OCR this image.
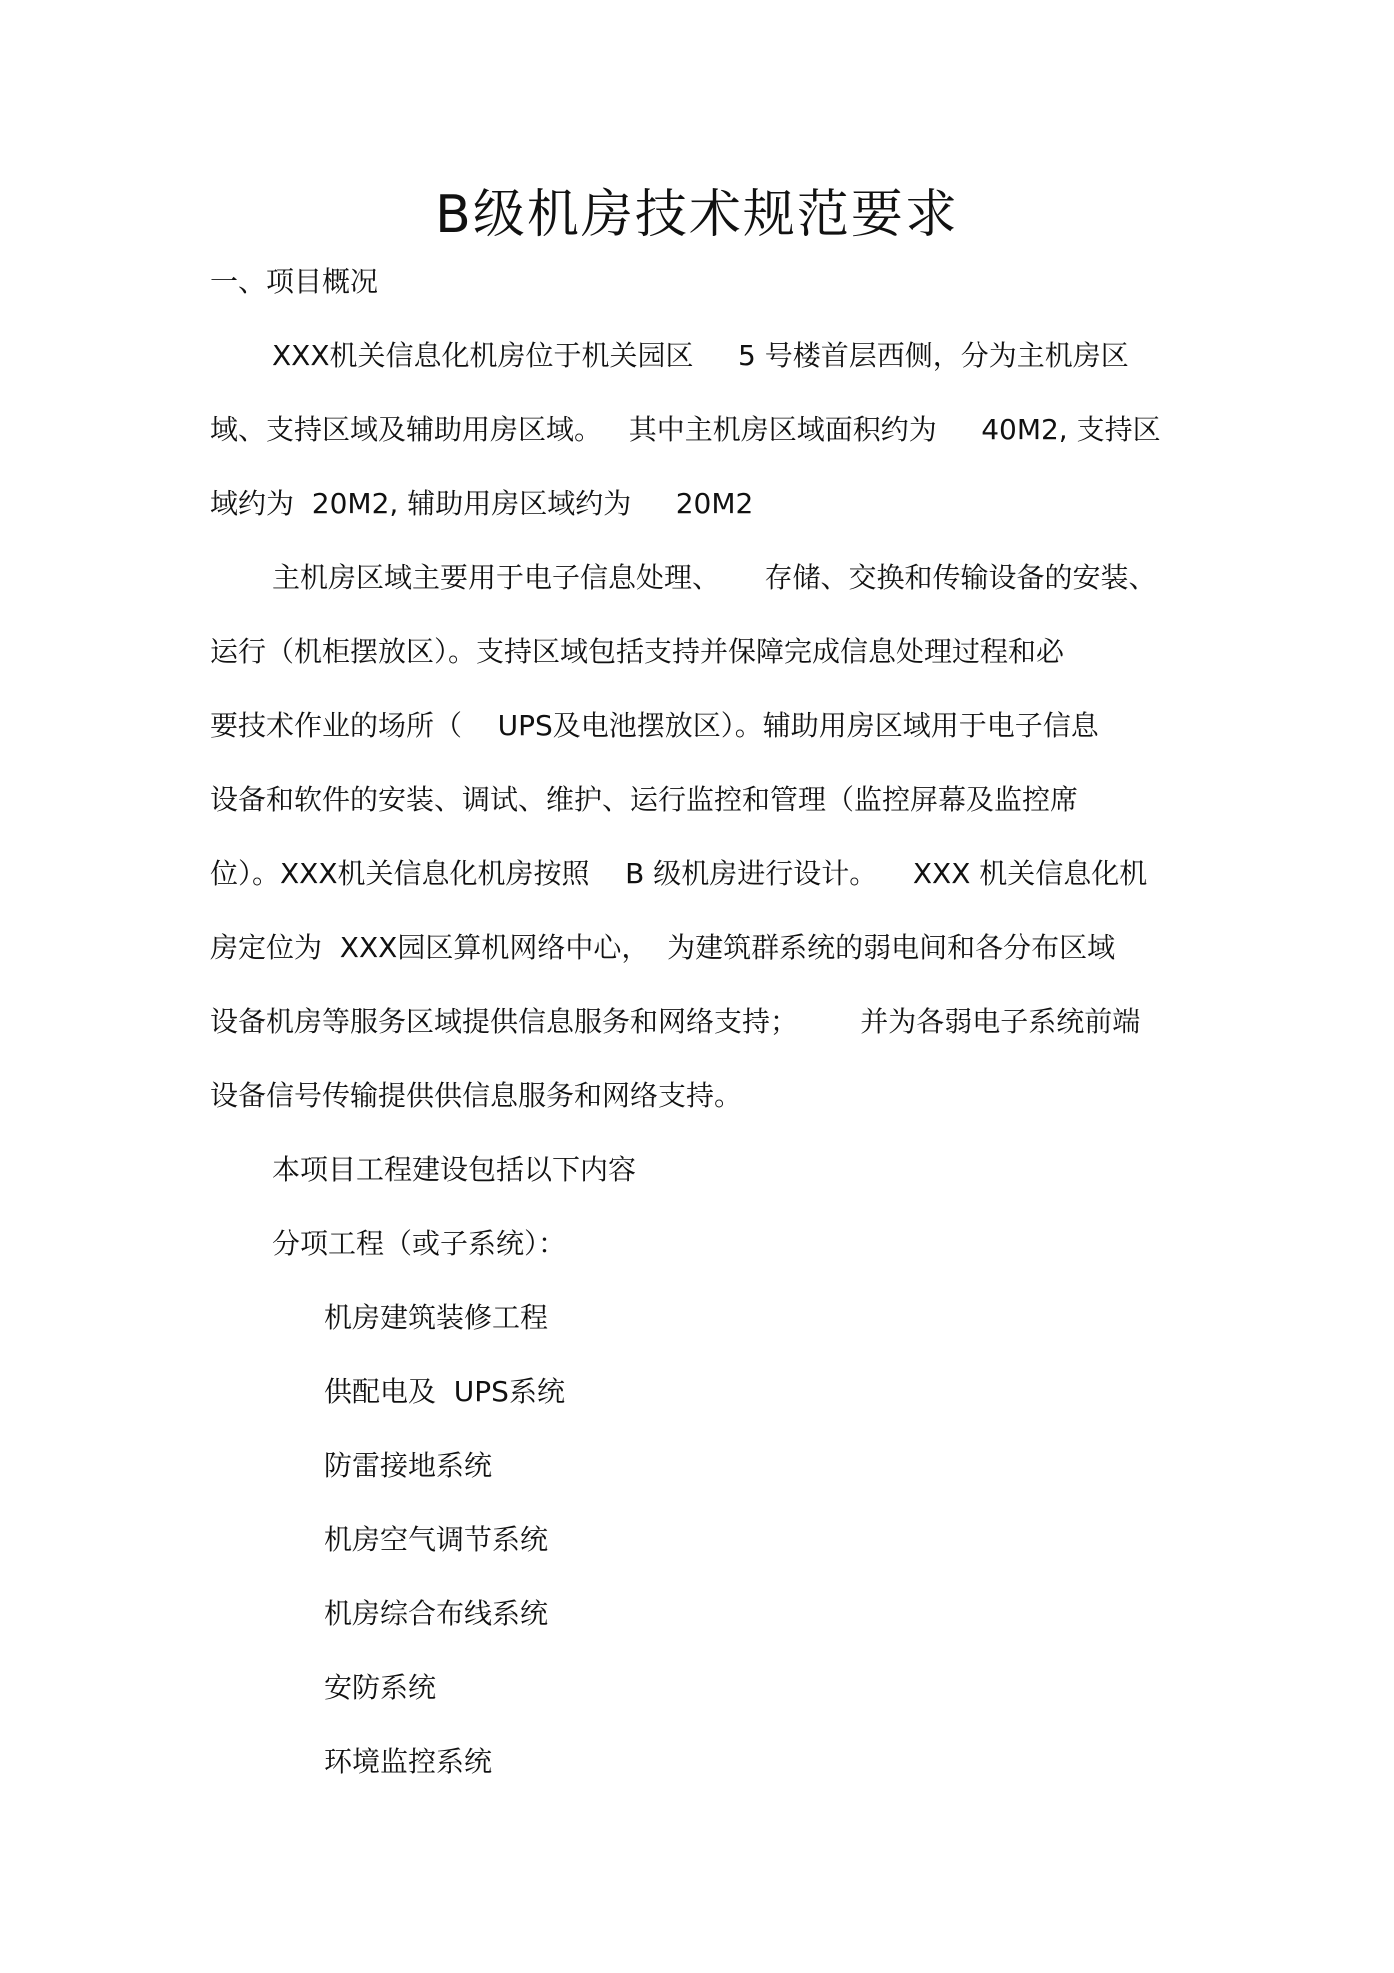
B级机房技术规范要求
一、项目概况
XXX机关信息化机房位于机关园区     5 号楼首层西侧，分为主机房区
域、支持区域及辅助用房区域。   其中主机房区域面积约为     40M2, 支持区
域约为  20M2, 辅助用房区域约为     20M2
主机房区域主要用于电子信息处理、     存储、交换和传输设备的安装、
运行（机柜摆放区）。支持区域包括支持并保障完成信息处理过程和必
要技术作业的场所（    UPS及电池摆放区）。辅助用房区域用于电子信息
设备和软件的安装、调试、维护、运行监控和管理（监控屏幕及监控席
位）。XXX机关信息化机房按照    B 级机房进行设计。    XXX 机关信息化机
房定位为  XXX园区算机网络中心，  为建筑群系统的弱电间和各分布区域
设备机房等服务区域提供信息服务和网络支持；       并为各弱电子系统前端
设备信号传输提供供信息服务和网络支持。
本项目工程建设包括以下内容
分项工程（或子系统）：
机房建筑装修工程
供配电及  UPS系统
防雷接地系统
机房空气调节系统
机房综合布线系统
安防系统
环境监控系统
